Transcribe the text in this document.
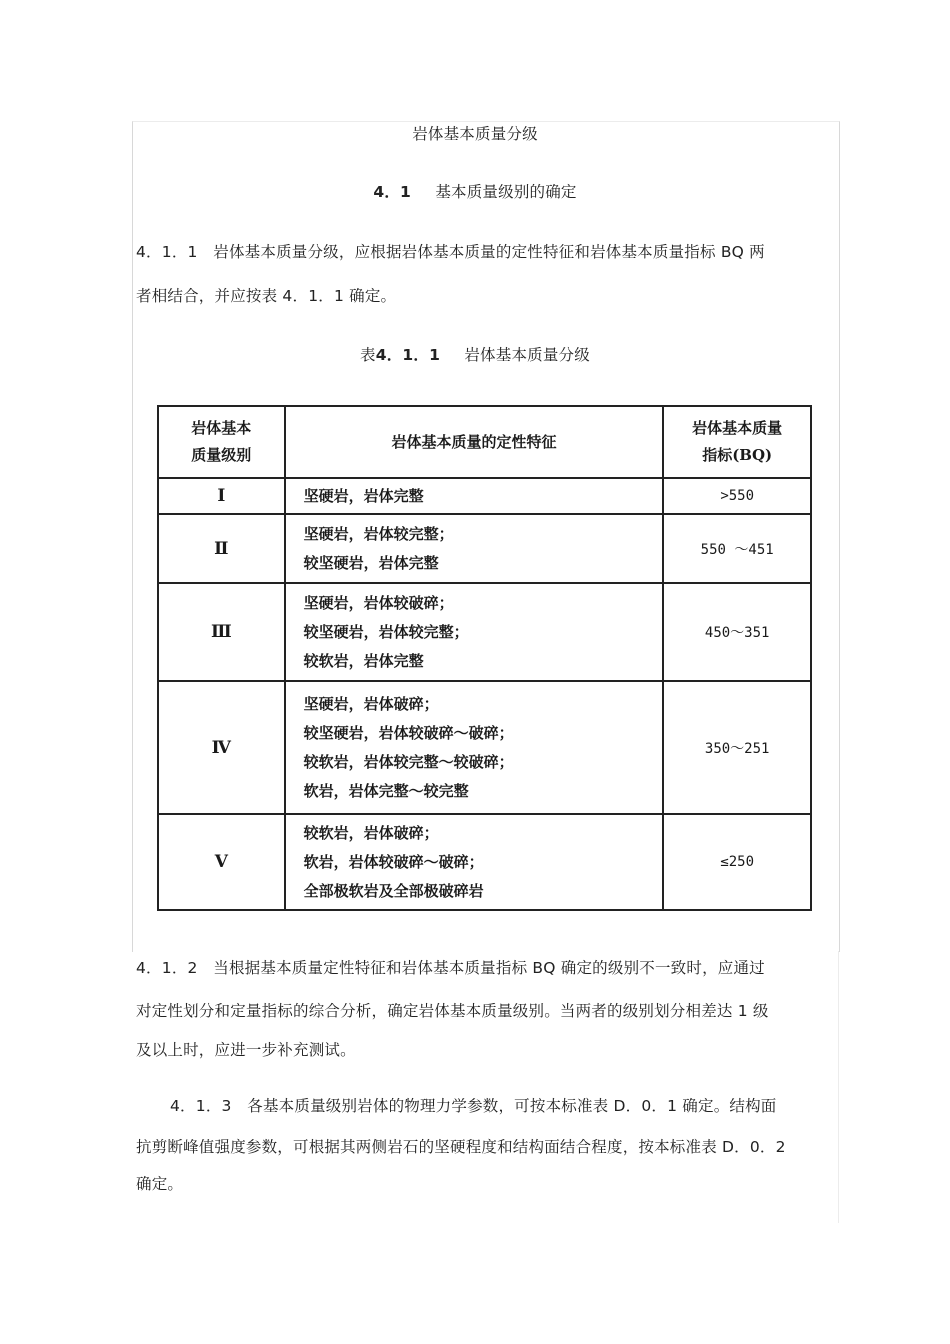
岩体基本质量分级
4．1 基本质量级别的确定
4．1．1　岩体基本质量分级，应根据岩体基本质量的定性特征和岩体基本质量指标 BQ 两
者相结合，并应按表 4．1．1 确定。
表4．1．1 岩体基本质量分级
岩体基本
质量级别	岩体基本质量的定性特征	岩体基本质量
指标(BQ)

Ⅰ	坚硬岩，岩体完整	>550
Ⅱ	坚硬岩，岩体较完整；
较坚硬岩，岩体完整	550 ～451
Ⅲ	坚硬岩，岩体较破碎；
较坚硬岩，岩体较完整；
较软岩，岩体完整	450～351
Ⅳ	坚硬岩，岩体破碎；
较坚硬岩，岩体较破碎～破碎；
较软岩，岩体较完整～较破碎；
软岩，岩体完整～较完整	350～251
Ⅴ	较软岩，岩体破碎；
软岩，岩体较破碎～破碎；
全部极软岩及全部极破碎岩	≤250
4．1．2　当根据基本质量定性特征和岩体基本质量指标 BQ 确定的级别不一致时，应通过
对定性划分和定量指标的综合分析，确定岩体基本质量级别。当两者的级别划分相差达 1 级
及以上时，应进一步补充测试。
4．1．3　各基本质量级别岩体的物理力学参数，可按本标准表 D．0．1 确定。结构面
抗剪断峰值强度参数，可根据其两侧岩石的坚硬程度和结构面结合程度，按本标准表 D．0．2
确定。
